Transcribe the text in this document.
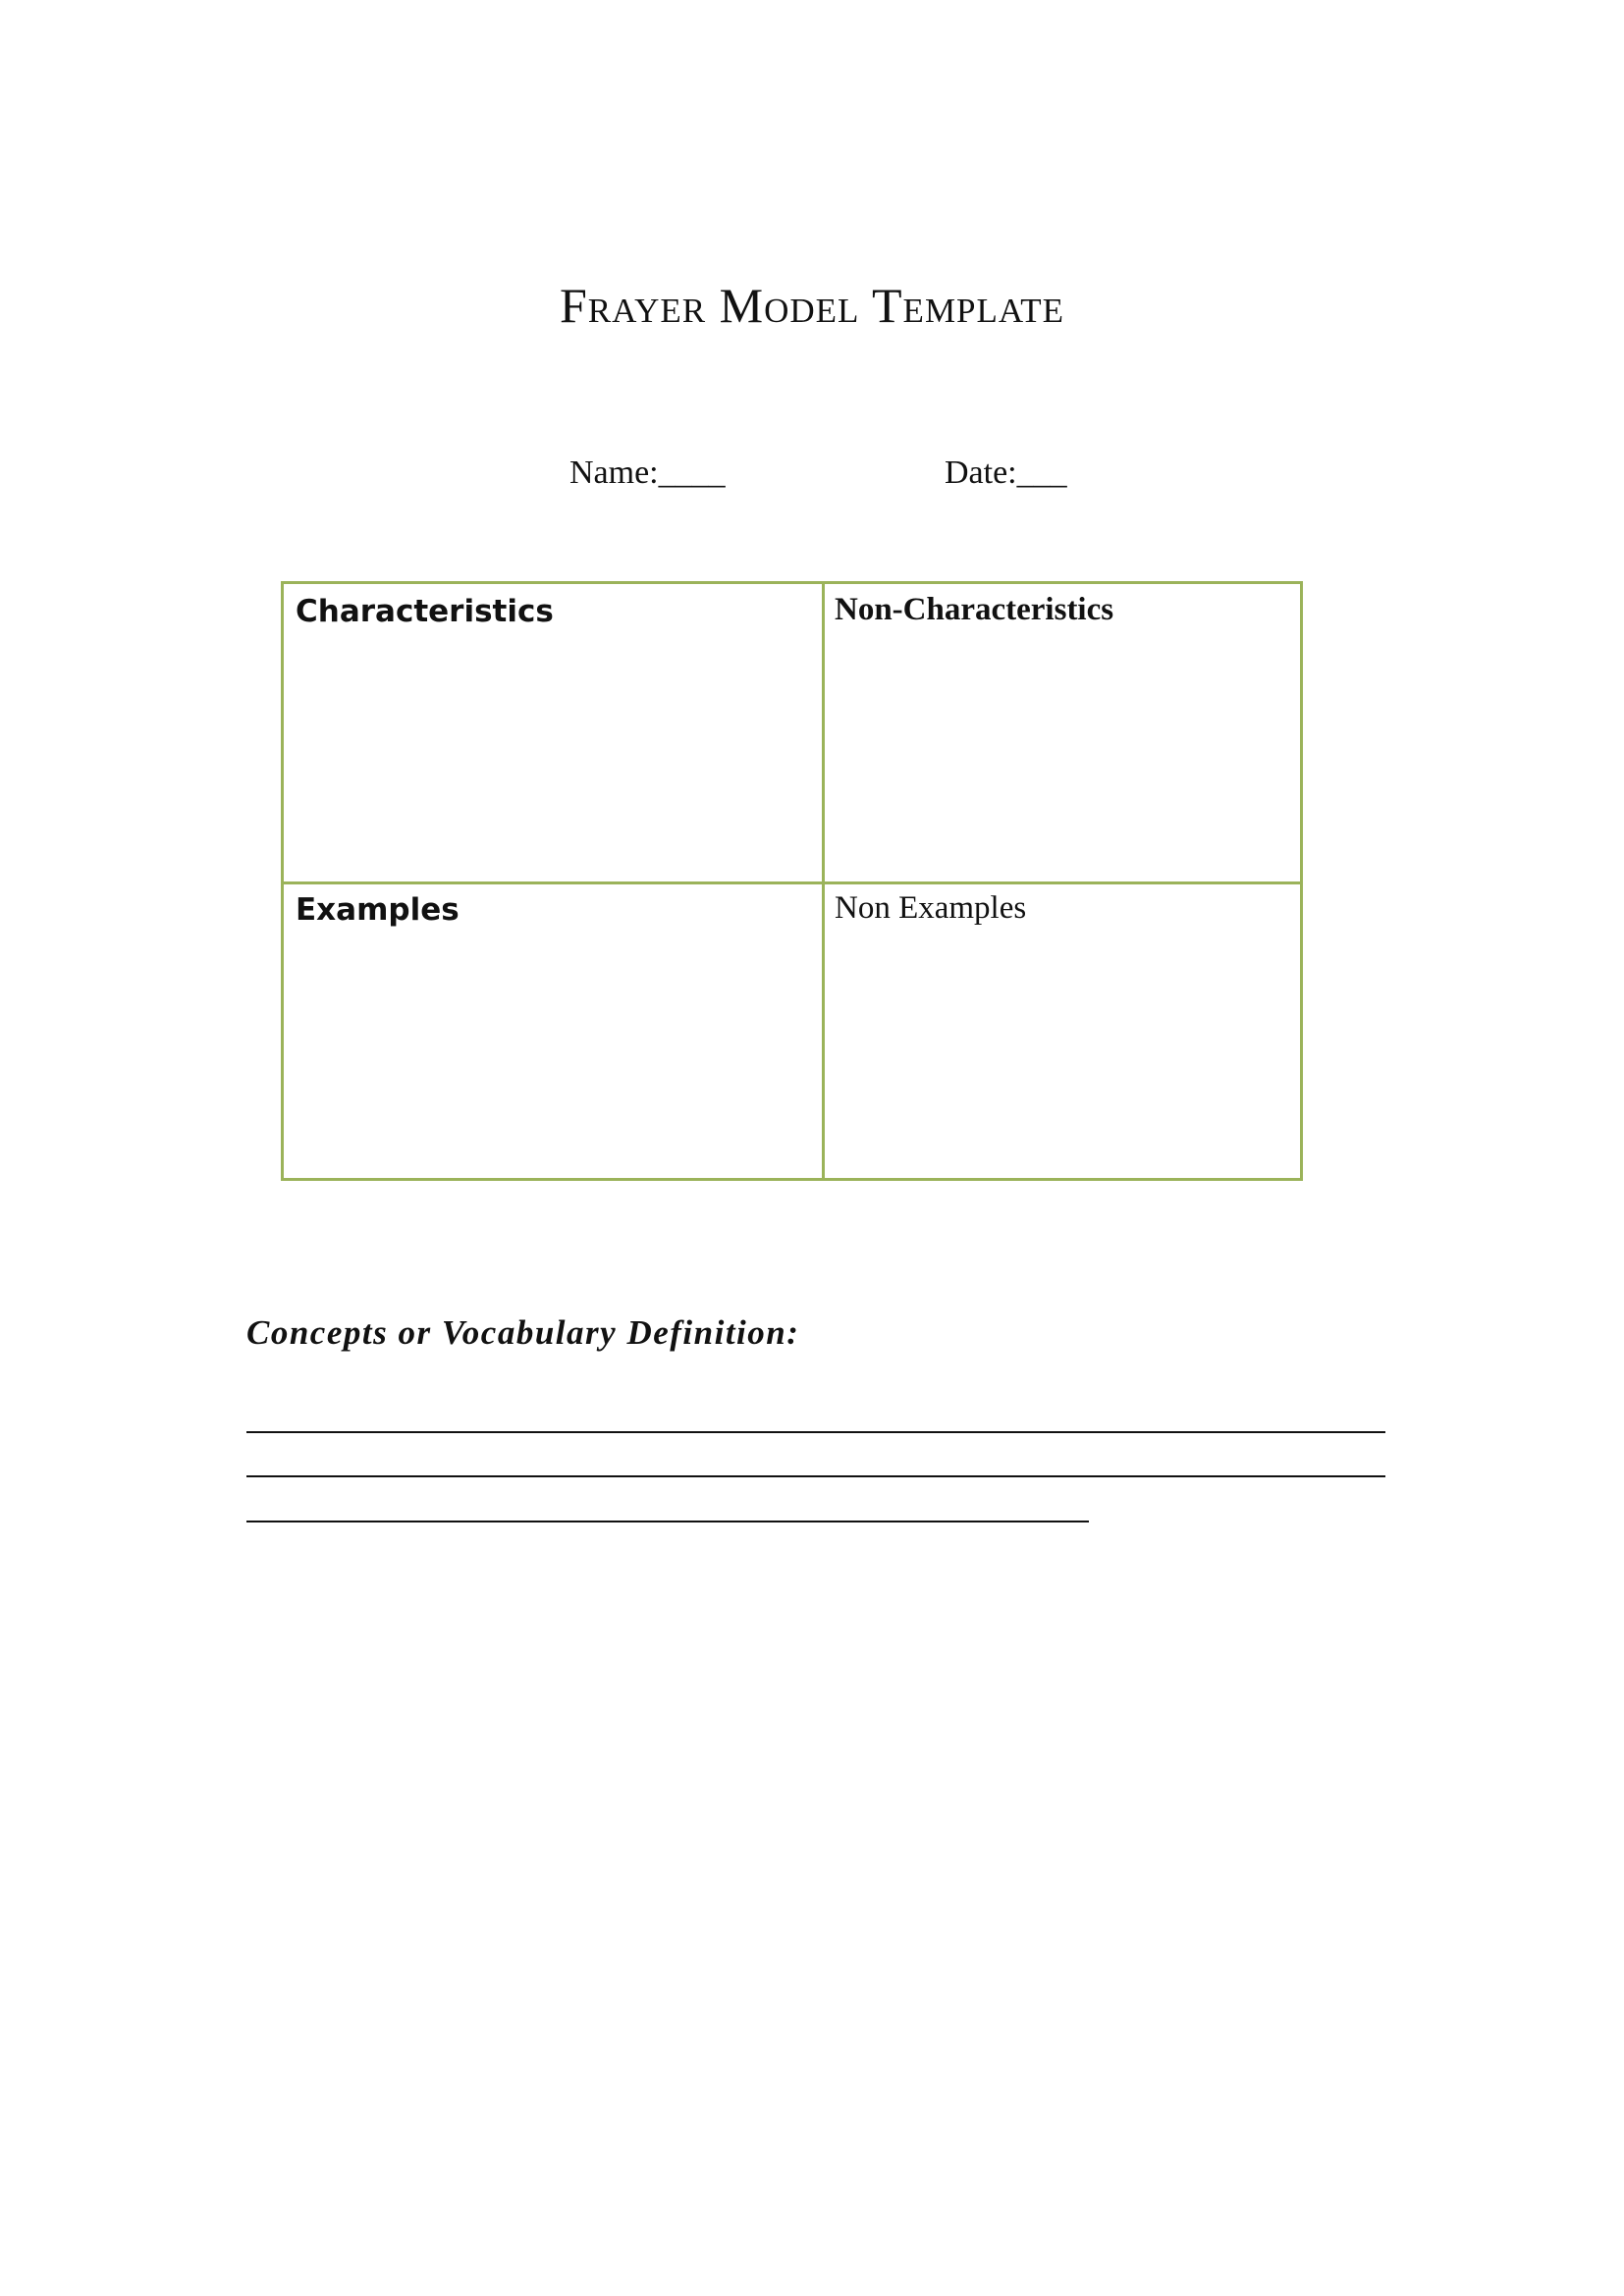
Frayer Model Template
Name:____	Date:___
Characteristics	Non-Characteristics
Examples	Non Examples
Concepts or Vocabulary Definition:
